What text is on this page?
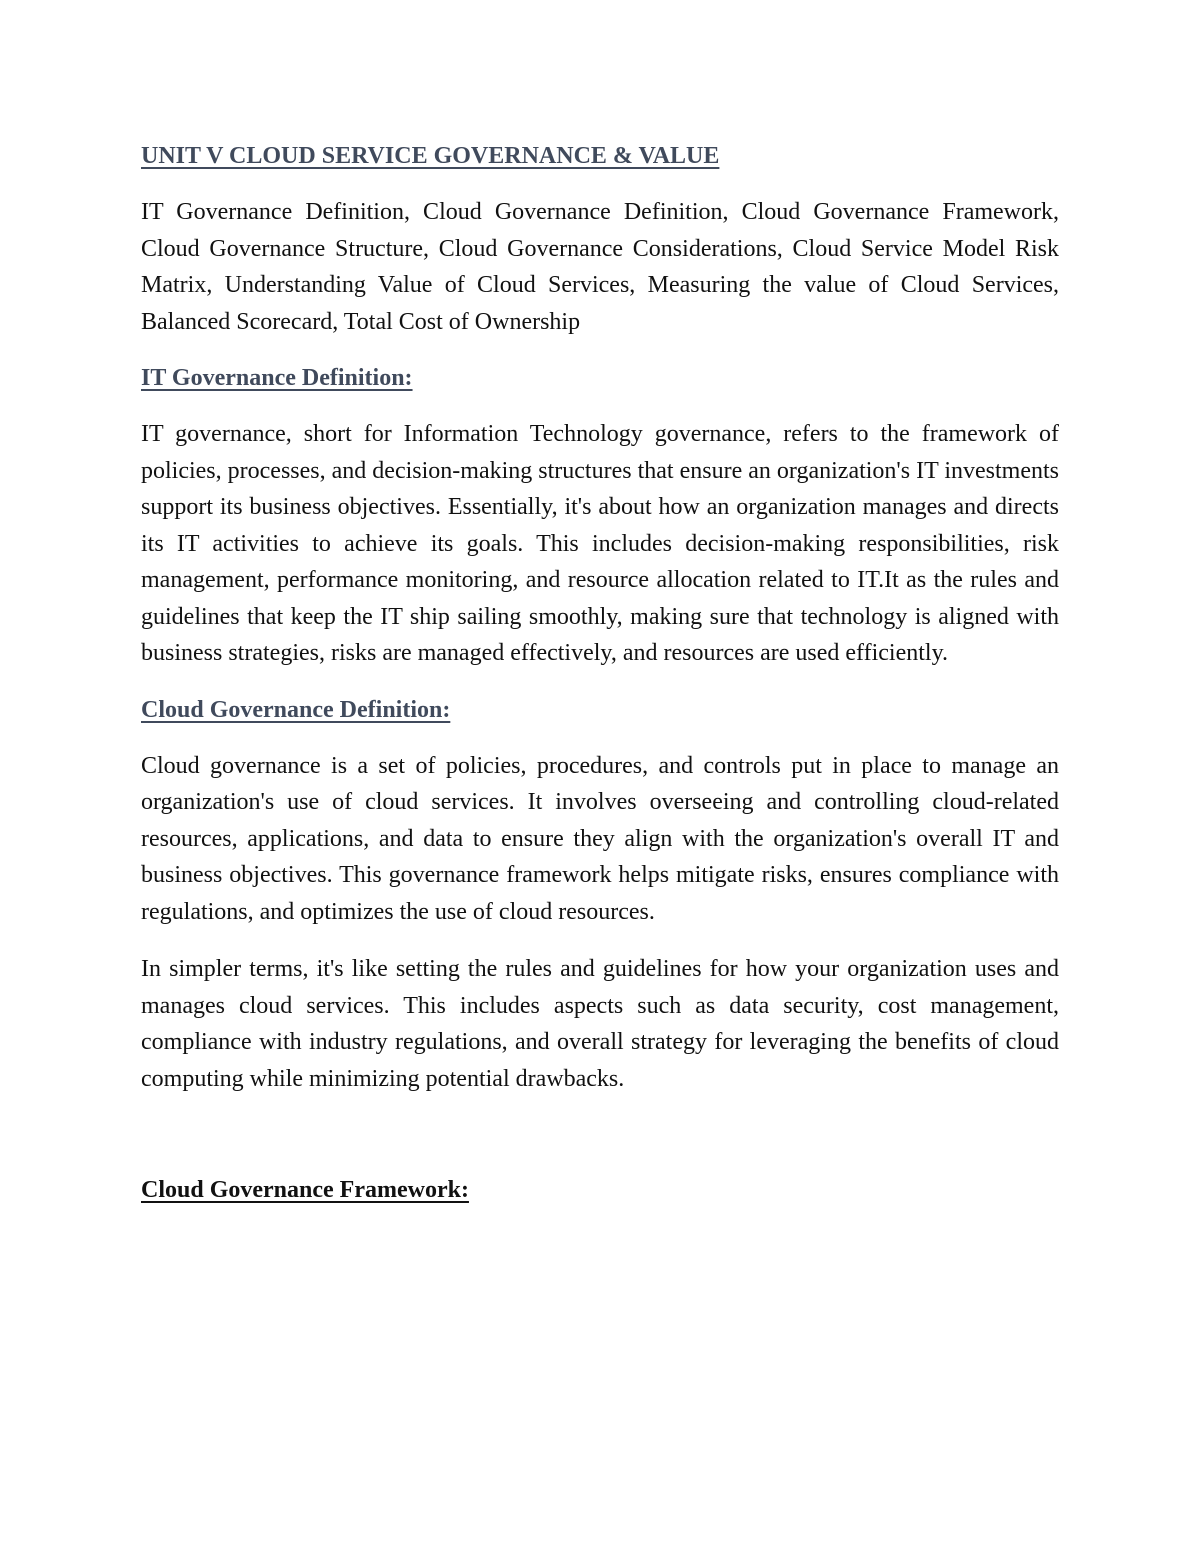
UNIT V CLOUD SERVICE GOVERNANCE & VALUE

IT Governance Definition, Cloud Governance Definition, Cloud Governance Framework, Cloud Governance Structure, Cloud Governance Considerations, Cloud Service Model Risk Matrix, Understanding Value of Cloud Services, Measuring the value of Cloud Services, Balanced Scorecard, Total Cost of Ownership

IT Governance Definition:

IT governance, short for Information Technology governance, refers to the framework of policies, processes, and decision-making structures that ensure an organization's IT investments support its business objectives. Essentially, it's about how an organization manages and directs its IT activities to achieve its goals. This includes decision-making responsibilities, risk management, performance monitoring, and resource allocation related to IT.It as the rules and guidelines that keep the IT ship sailing smoothly, making sure that technology is aligned with business strategies, risks are managed effectively, and resources are used efficiently.

Cloud Governance Definition:

Cloud governance is a set of policies, procedures, and controls put in place to manage an organization's use of cloud services. It involves overseeing and controlling cloud-related resources, applications, and data to ensure they align with the organization's overall IT and business objectives. This governance framework helps mitigate risks, ensures compliance with regulations, and optimizes the use of cloud resources.

In simpler terms, it's like setting the rules and guidelines for how your organization uses and manages cloud services. This includes aspects such as data security, cost management, compliance with industry regulations, and overall strategy for leveraging the benefits of cloud computing while minimizing potential drawbacks.

Cloud Governance Framework:
